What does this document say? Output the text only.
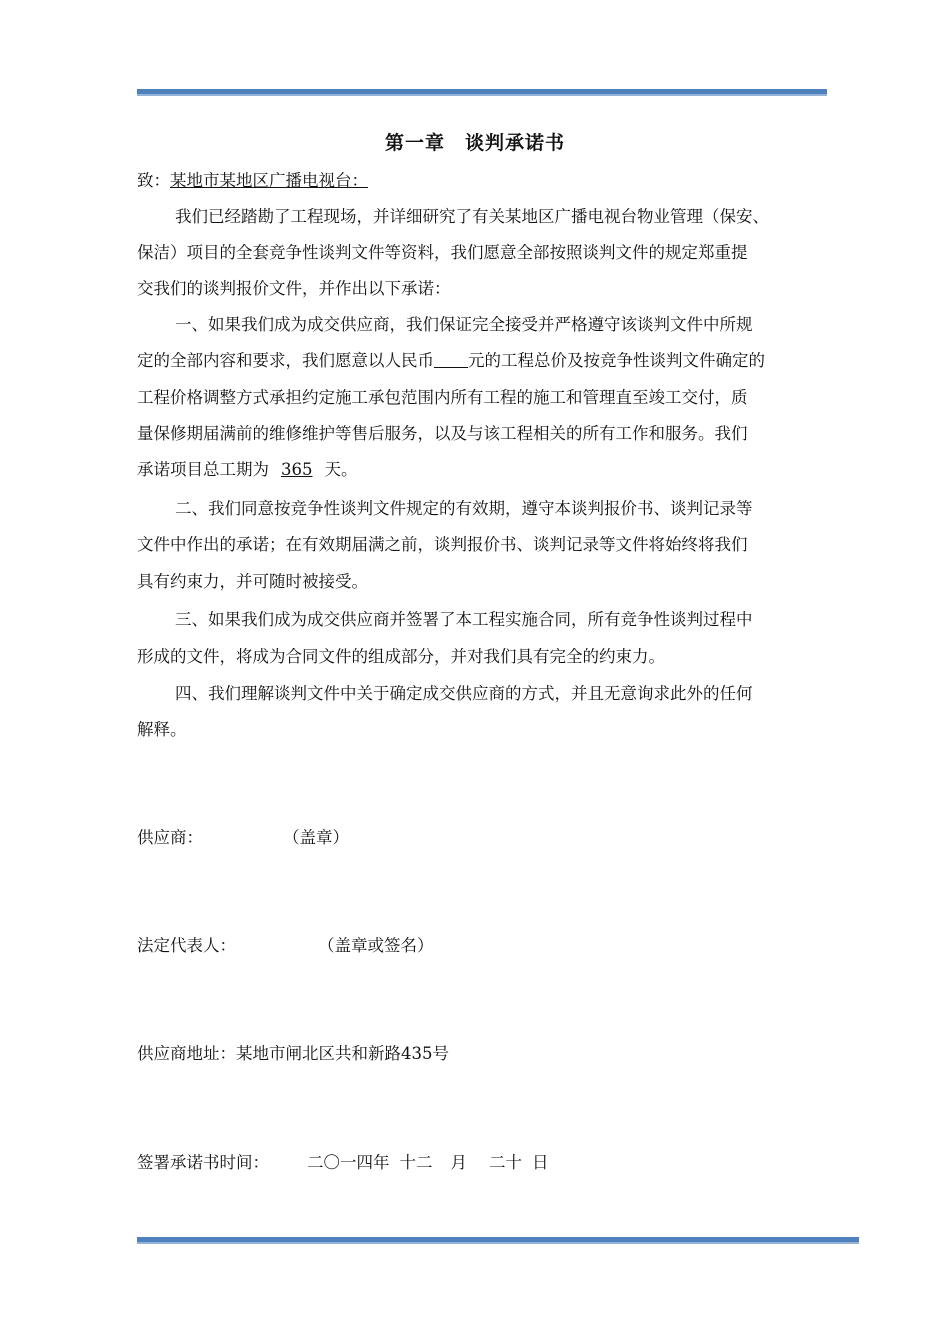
第一章　谈判承诺书
致：某地市某地区广播电视台：
我们已经踏勘了工程现场，并详细研究了有关某地区广播电视台物业管理（保安、
保洁）项目的全套竞争性谈判文件等资料，我们愿意全部按照谈判文件的规定郑重提
交我们的谈判报价文件，并作出以下承诺：
一、如果我们成为成交供应商，我们保证完全接受并严格遵守该谈判文件中所规
定的全部内容和要求，我们愿意以人民币 元的工程总价及按竞争性谈判文件确定的
工程价格调整方式承担约定施工承包范围内所有工程的施工和管理直至竣工交付，质
量保修期届满前的维修维护等售后服务，以及与该工程相关的所有工作和服务。我们
承诺项目总工期为 365 天。
二、我们同意按竞争性谈判文件规定的有效期，遵守本谈判报价书、谈判记录等
文件中作出的承诺；在有效期届满之前，谈判报价书、谈判记录等文件将始终将我们
具有约束力，并可随时被接受。
三、如果我们成为成交供应商并签署了本工程实施合同，所有竞争性谈判过程中
形成的文件，将成为合同文件的组成部分，并对我们具有完全的约束力。
四、我们理解谈判文件中关于确定成交供应商的方式，并且无意询求此外的任何
解释。
供应商：	（盖章）
法定代表人：	（盖章或签名）
供应商地址：某地市闸北区共和新路435号
签署承诺书时间： 二〇一四年 十二 月 二十 日
